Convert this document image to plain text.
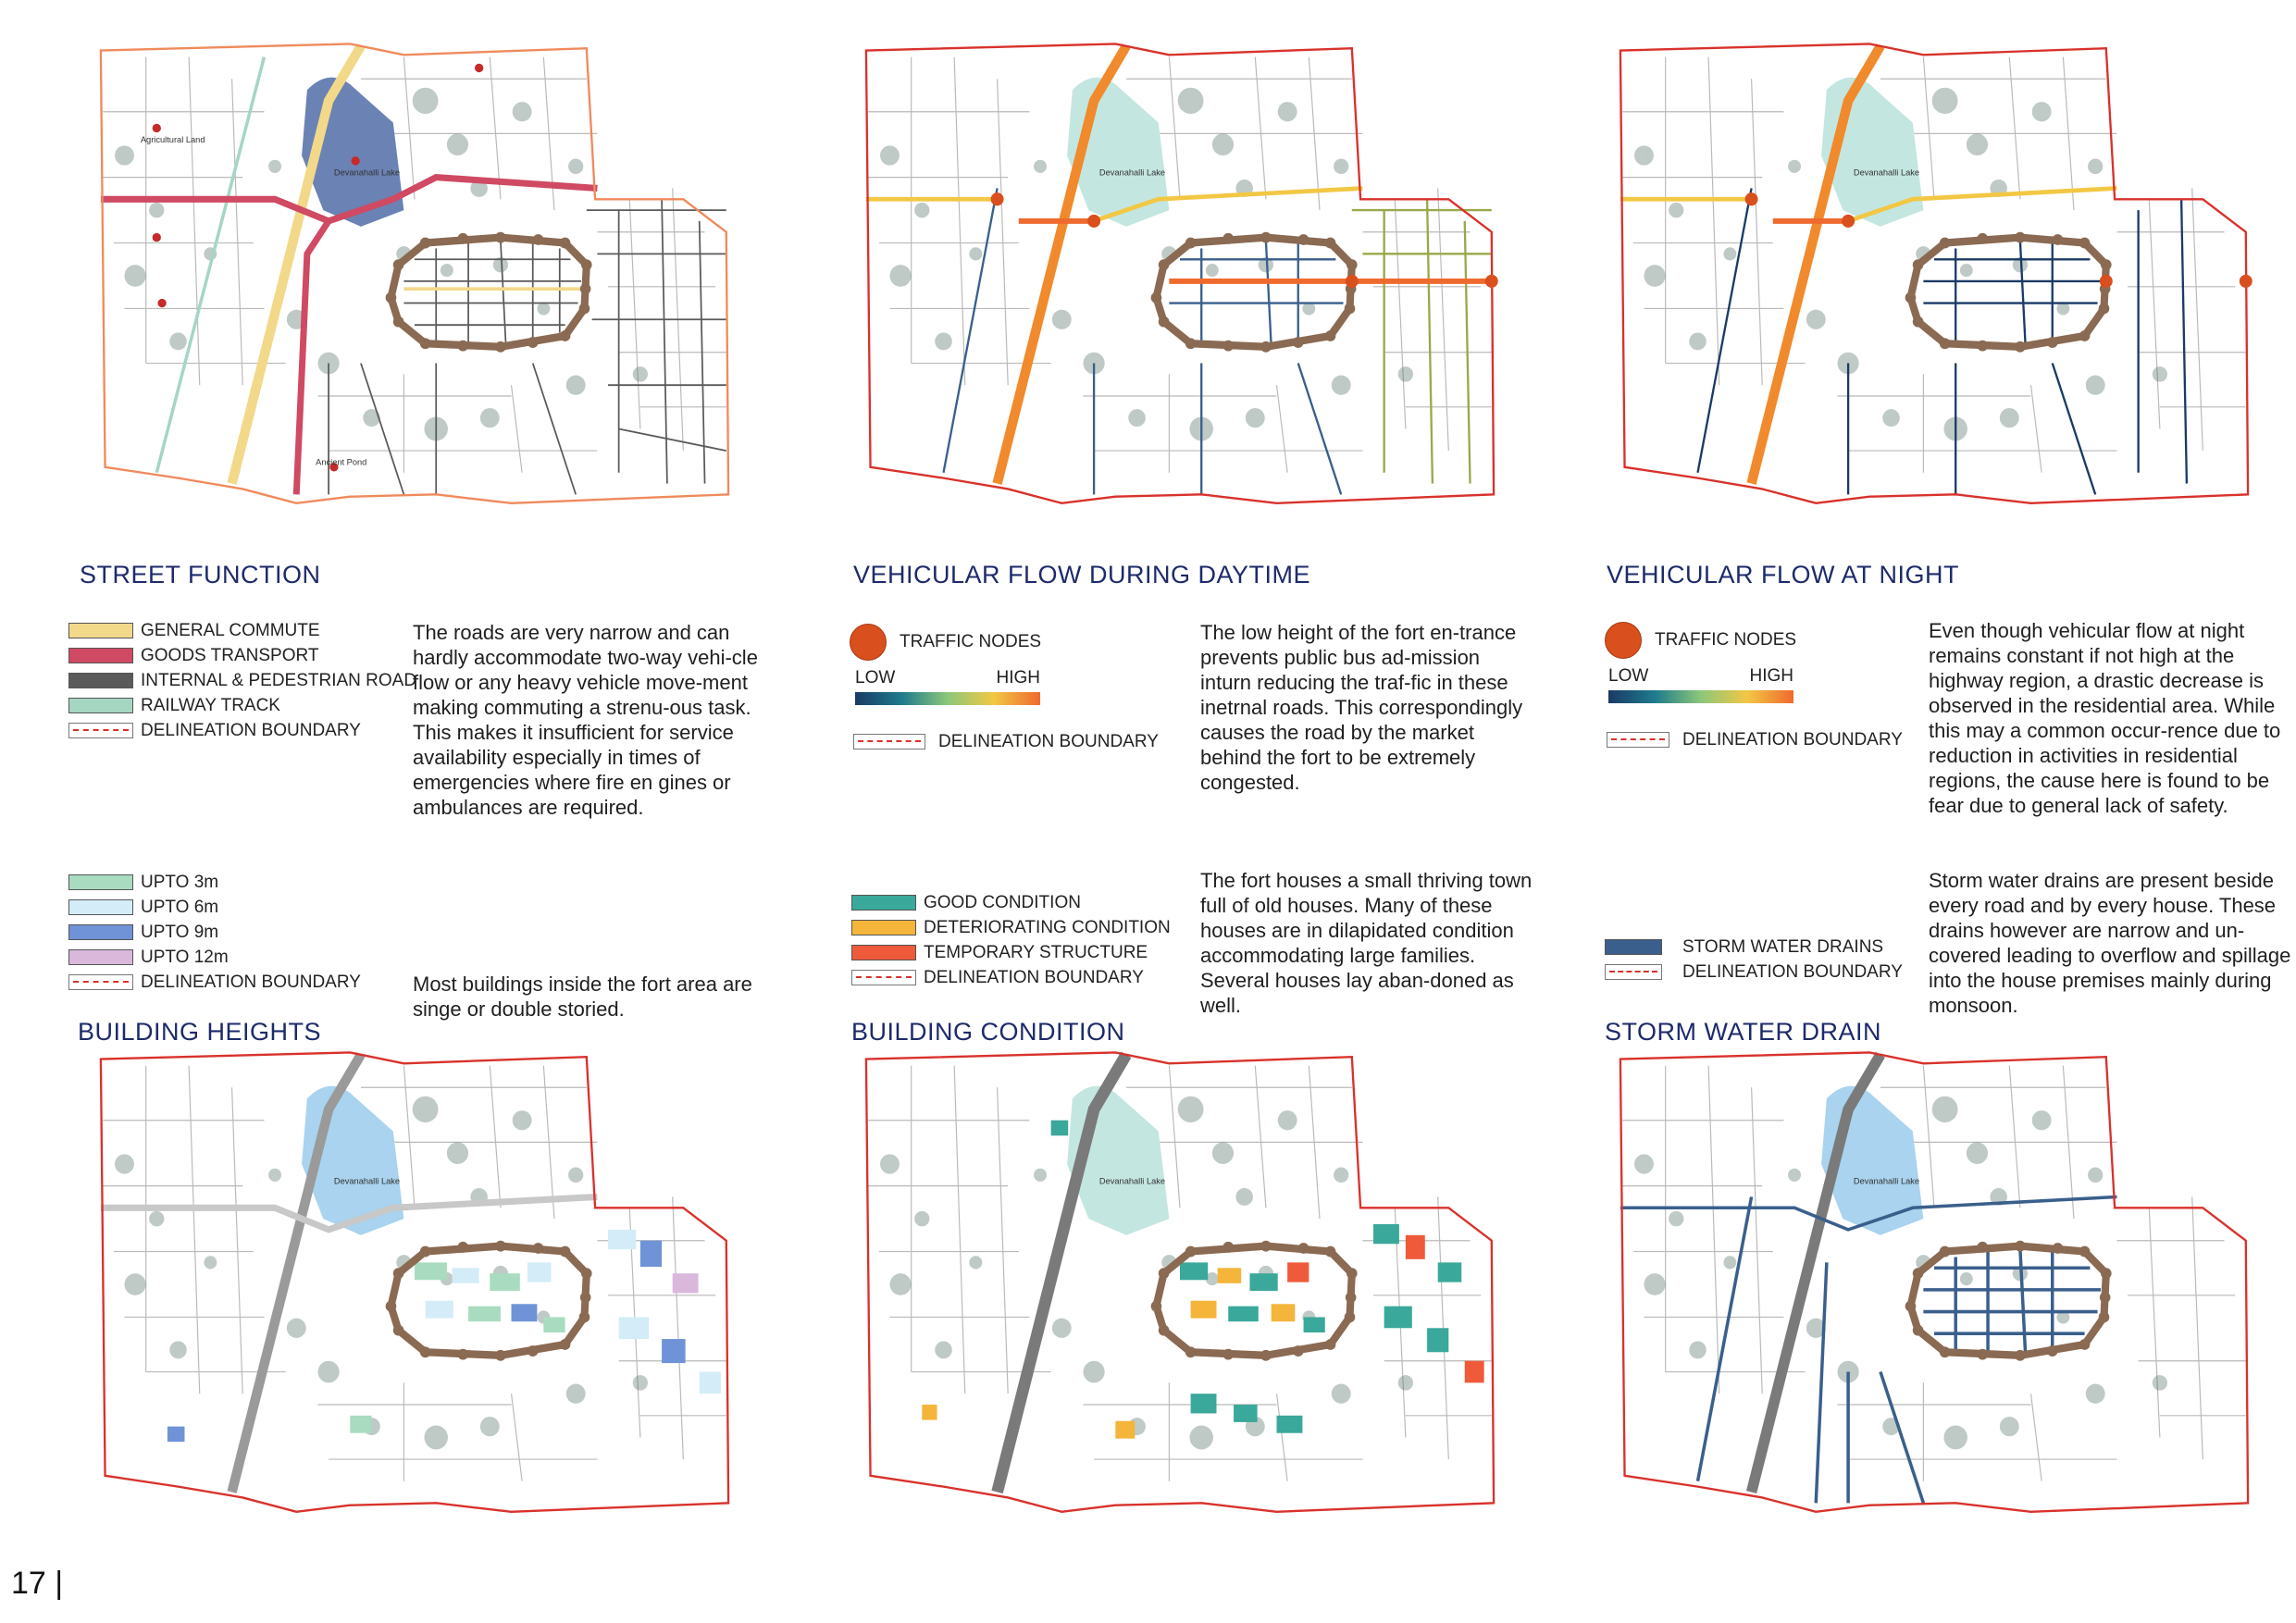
Agricultural Land
Devanahalli Lake
Ancient Pond
Devanahalli Lake	Devanahalli Lake
Devanahalli Lake	Devanahalli Lake	Devanahalli Lake
STREET FUNCTION
GENERAL COMMUTE
GOODS TRANSPORT
INTERNAL & PEDESTRIAN ROAD
RAILWAY TRACK
DELINEATION BOUNDARY
The roads are very narrow and can hardly accommodate two-way vehi-cle flow or any heavy vehicle move-ment making commuting a strenu-ous task. This makes it insufficient for service availability especially in times of emergencies where fire en gines or ambulances are required.
VEHICULAR FLOW DURING DAYTIME
TRAFFIC NODES
LOW	HIGH
DELINEATION BOUNDARY
The low height of the fort en-trance prevents public bus ad-mission inturn reducing the traf-fic in these inetrnal roads. This correspondingly causes the road by the market behind the fort to be extremely congested.
VEHICULAR FLOW AT NIGHT
TRAFFIC NODES
LOW	HIGH
DELINEATION BOUNDARY
Even though vehicular flow at night remains constant if not high at the highway region, a drastic decrease is observed in the residential area. While this may a common occur-rence due to reduction in activities in residential regions, the cause here is found to be fear due to general lack of safety.
UPTO 3m
UPTO 6m
UPTO 9m
UPTO 12m
DELINEATION BOUNDARY	Most buildings inside the fort area are singe or double storied.
BUILDING HEIGHTS
GOOD CONDITION
DETERIORATING CONDITION
TEMPORARY STRUCTURE
DELINEATION BOUNDARY
The fort houses a small thriving town full of old houses. Many of these houses are in dilapidated condition accommodating large families. Several houses lay aban-doned as well.
BUILDING CONDITION
STORM WATER DRAINS
DELINEATION BOUNDARY
Storm water drains are present beside every road and by every house. These drains however are narrow and un-covered leading to overflow and spillage into the house premises mainly during monsoon.
STORM WATER DRAIN
17 |
